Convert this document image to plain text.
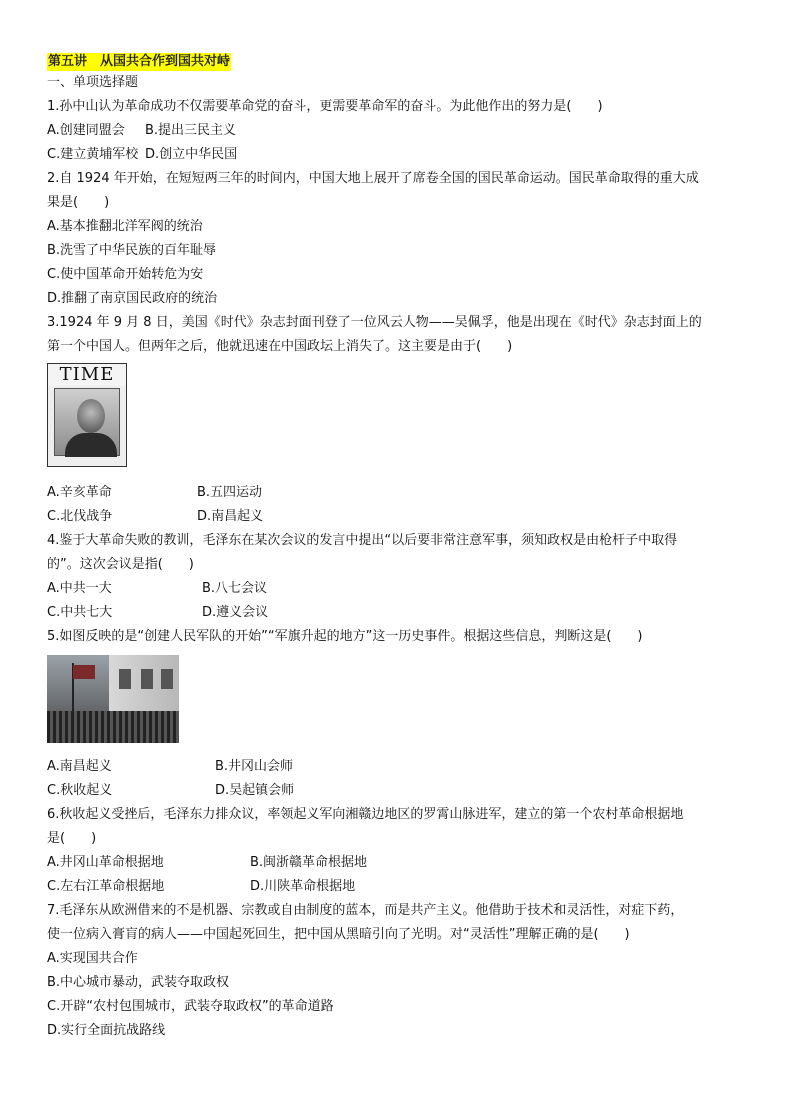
第五讲　从国共合作到国共对峙
一、单项选择题
1.孙中山认为革命成功不仅需要革命党的奋斗，更需要革命军的奋斗。为此他作出的努力是(　　)
A.创建同盟会	B.提出三民主义
C.建立黄埔军校 D.创立中华民国
2.自 1924 年开始，在短短两三年的时间内，中国大地上展开了席卷全国的国民革命运动。国民革命取得的重大成
果是(　　)
A.基本推翻北洋军阀的统治
B.洗雪了中华民族的百年耻辱
C.使中国革命开始转危为安
D.推翻了南京国民政府的统治
3.1924 年 9 月 8 日，美国《时代》杂志封面刊登了一位风云人物——吴佩孚，他是出现在《时代》杂志封面上的
第一个中国人。但两年之后，他就迅速在中国政坛上消失了。这主要是由于(　　)
TIME
A.辛亥革命	B.五四运动
C.北伐战争	D.南昌起义
4.鉴于大革命失败的教训，毛泽东在某次会议的发言中提出“以后要非常注意军事，须知政权是由枪杆子中取得
的”。这次会议是指(　　)
A.中共一大	B.八七会议
C.中共七大	D.遵义会议
5.如图反映的是“创建人民军队的开始”“军旗升起的地方”这一历史事件。根据这些信息，判断这是(　　)
A.南昌起义	B.井冈山会师
C.秋收起义	D.吴起镇会师
6.秋收起义受挫后，毛泽东力排众议，率领起义军向湘赣边地区的罗霄山脉进军，建立的第一个农村革命根据地
是(　　)
A.井冈山革命根据地	B.闽浙赣革命根据地
C.左右江革命根据地	D.川陕革命根据地
7.毛泽东从欧洲借来的不是机器、宗教或自由制度的蓝本，而是共产主义。他借助于技术和灵活性，对症下药，
使一位病入膏肓的病人——中国起死回生，把中国从黑暗引向了光明。对“灵活性”理解正确的是(　　)
A.实现国共合作
B.中心城市暴动，武装夺取政权
C.开辟“农村包围城市，武装夺取政权”的革命道路
D.实行全面抗战路线
